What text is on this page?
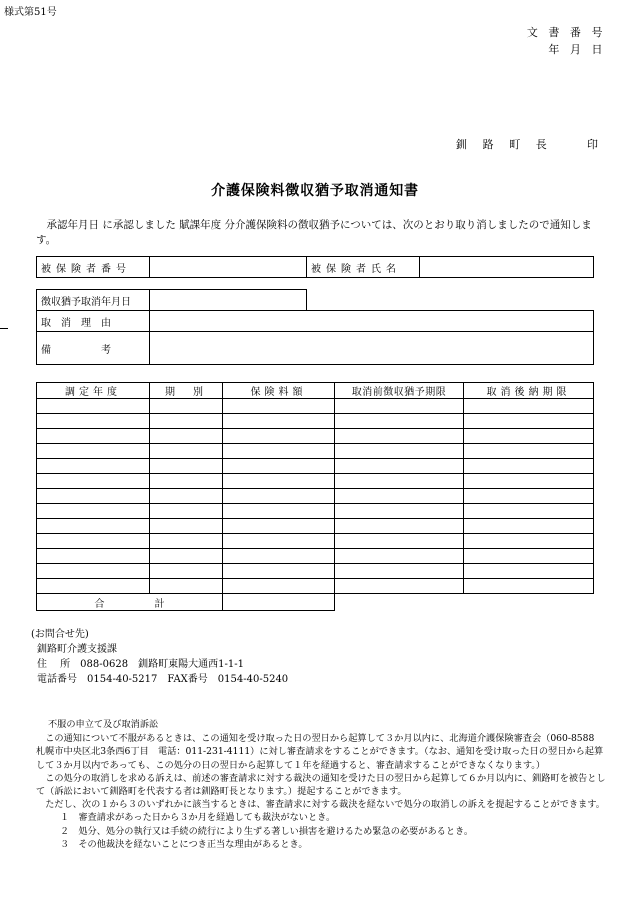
様式第51号
文 書 番 号
年 月 日
釧 路 町 長　　印
介護保険料徴収猶予取消通知書
承認年月日 に承認しました 賦課年度 分介護保険料の徴収猶予については、次のとおり取り消しましたので通知します。
被保険者番号		被保険者氏名	
徴収猶予取消年月日		
取　消　理　由		
備　　　　　考		
調定年度	期　別	保険料額	取消前徴収猶予期限	取消後納期限

合　　　　　計				
(お問合せ先)
釧路町介護支援課
住　 所　088-0628　釧路町東陽大通西1-1-1
電話番号　0154-40-5217　FAX番号　0154-40-5240

不服の申立て及び取消訴訟

この通知について不服があるときは、この通知を受け取った日の翌日から起算して３か月以内に、北海道介護保険審査会（060-8588　札幌市中央区北3条西6丁目　電話：011-231-4111）に対し審査請求をすることができます。（なお、通知を受け取った日の翌日から起算して３か月以内であっても、この処分の日の翌日から起算して１年を経過すると、審査請求することができなくなります。）

この処分の取消しを求める訴えは、前述の審査請求に対する裁決の通知を受けた日の翌日から起算して６か月以内に、釧路町を被告として（訴訟において釧路町を代表する者は釧路町長となります。）提起することができます。

ただし、次の１から３のいずれかに該当するときは、審査請求に対する裁決を経ないで処分の取消しの訴えを提起することができます。

１　審査請求があった日から３か月を経過しても裁決がないとき。

２　処分、処分の執行又は手続の続行により生ずる著しい損害を避けるため緊急の必要があるとき。

３　その他裁決を経ないことにつき正当な理由があるとき。
